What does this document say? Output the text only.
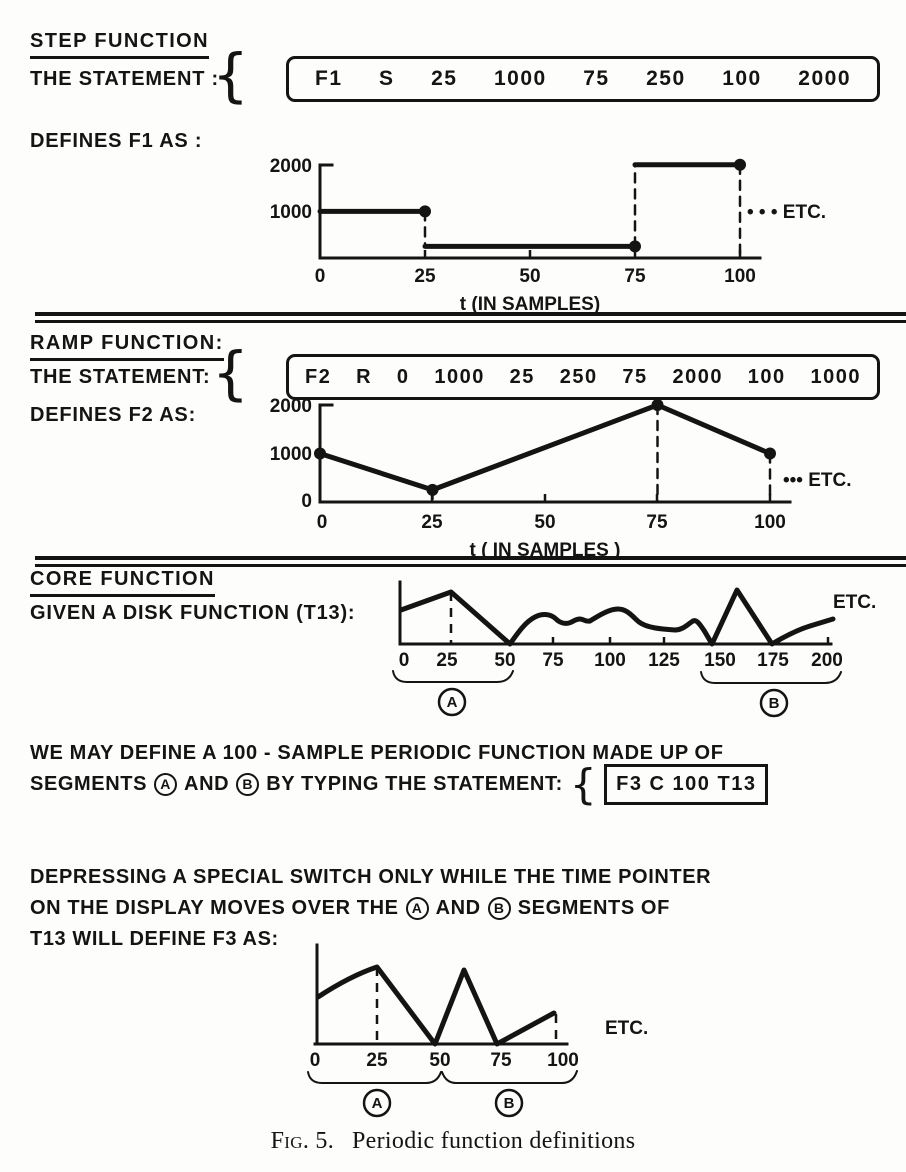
STEP FUNCTION
THE STATEMENT :
{	F1 S 25 1000 75 250 100 2000
DEFINES F1 AS :
2000
1000
0	25	50	75	100
t (IN SAMPLES)
• • • ETC.
RAMP FUNCTION:
THE STATEMENT: {	F2 R 0 1000 25 250 75 2000 100 1000
DEFINES F2 AS:	2000
1000
0
0	25	50	75	100
t ( IN SAMPLES )
••• ETC.
CORE FUNCTION
GIVEN A DISK FUNCTION (T13):
0 25 50 75 100 125 150 175 200
A	B
ETC.
WE MAY DEFINE A 100 - SAMPLE PERIODIC FUNCTION MADE UP OF
SEGMENTS A AND B BY TYPING THE STATEMENT: { F3 C 100 T13
DEPRESSING A SPECIAL SWITCH ONLY WHILE THE TIME POINTER
ON THE DISPLAY MOVES OVER THE A AND B SEGMENTS OF
T13 WILL DEFINE F3 AS:
0 25 50 75 100
A	B
ETC.
Fig. 5. Periodic function definitions
